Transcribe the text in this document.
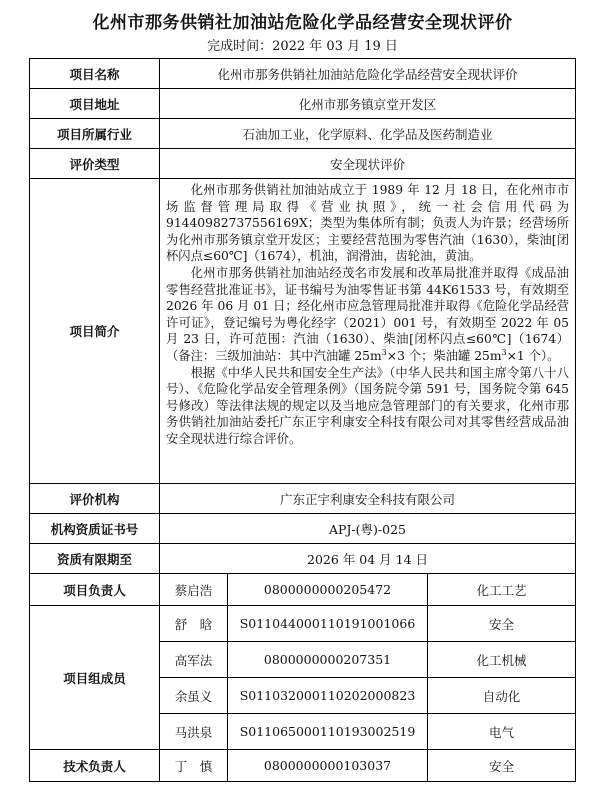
化州市那务供销社加油站危险化学品经营安全现状评价
完成时间：2022 年 03 月 19 日
项目名称	化州市那务供销社加油站危险化学品经营安全现状评价		
项目地址	化州市那务镇京堂开发区		
项目所属行业	石油加工业，化学原料、化学品及医药制造业		
评价类型	安全现状评价		
项目简介	化州市那务供销社加油站成立于 1989 年 12 月 18 日，在化州市市场监督管理局取得《营业执照》，统一社会信用代码为 91440982737556169X；类型为集体所有制；负责人为许景；经营场所为化州市那务镇京堂开发区；主要经营范围为零售汽油（1630），柴油[闭杯闪点≤60℃]（1674），机油，润滑油，齿轮油，黄油。

化州市那务供销社加油站经茂名市发展和改革局批准并取得《成品油零售经营批准证书》，证书编号为油零售证书第 44K61533 号，有效期至 2026 年 06 月 01 日；经化州市应急管理局批准并取得《危险化学品经营许可证》，登记编号为粤化经字（2021）001 号，有效期至 2022 年 05 月 23 日，许可范围：汽油（1630）、柴油[闭杯闪点≤60℃]（1674）（备注：三级加油站：其中汽油罐 $25m^3\times 3$ 个；柴油罐 $25m^3\times 1$ 个）。

根据《中华人民共和国安全生产法》（中华人民共和国主席令第八十八号）、《危险化学品安全管理条例》（国务院令第 591 号，国务院令第 645 号修改）等法律法规的规定以及当地应急管理部门的有关要求，化州市那务供销社加油站委托广东正宇利康安全科技有限公司对其零售经营成品油安全现状进行综合评价。		

评价机构	广东正宇利康安全科技有限公司		
机构资质证书号	APJ-(粤)-025		
资质有限期至	2026 年 04 月 14 日		
项目负责人	蔡启浩	0800000000205472	化工工艺
项目组成员	舒　晗	S011044000110191001066	安全
	高军法	0800000000207351	化工机械
	余虽义	S011032000110202000823	自动化
	马洪泉	S011065000110193002519	电气
技术负责人	丁　慎	0800000000103037	安全
